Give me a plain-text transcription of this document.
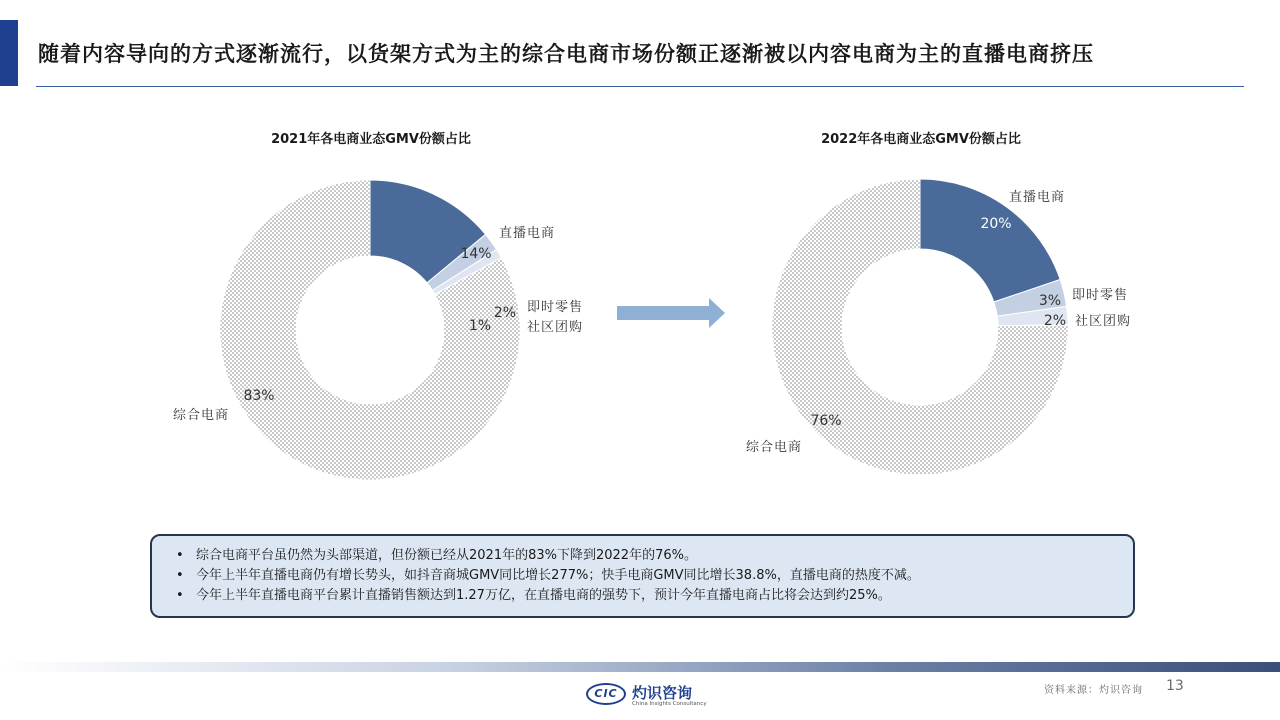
随着内容导向的方式逐渐流行，以货架方式为主的综合电商市场份额正逐渐被以内容电商为主的直播电商挤压
2021年各电商业态GMV份额占比	2022年各电商业态GMV份额占比
14%
2%
1%
83%
直播电商
即时零售
社区团购
综合电商
20%
3%
2%
76%
直播电商
即时零售
社区团购
综合电商
• 综合电商平台虽仍然为头部渠道，但份额已经从2021年的83%下降到2022年的76%。
• 今年上半年直播电商仍有增长势头，如抖音商城GMV同比增长277%；快手电商GMV同比增长38.8%，直播电商的热度不减。
• 今年上半年直播电商平台累计直播销售额达到1.27万亿，在直播电商的强势下，预计今年直播电商占比将会达到约25%。
CIC 灼识咨询
China Insights Consultancy
资料来源：灼识咨询 13
